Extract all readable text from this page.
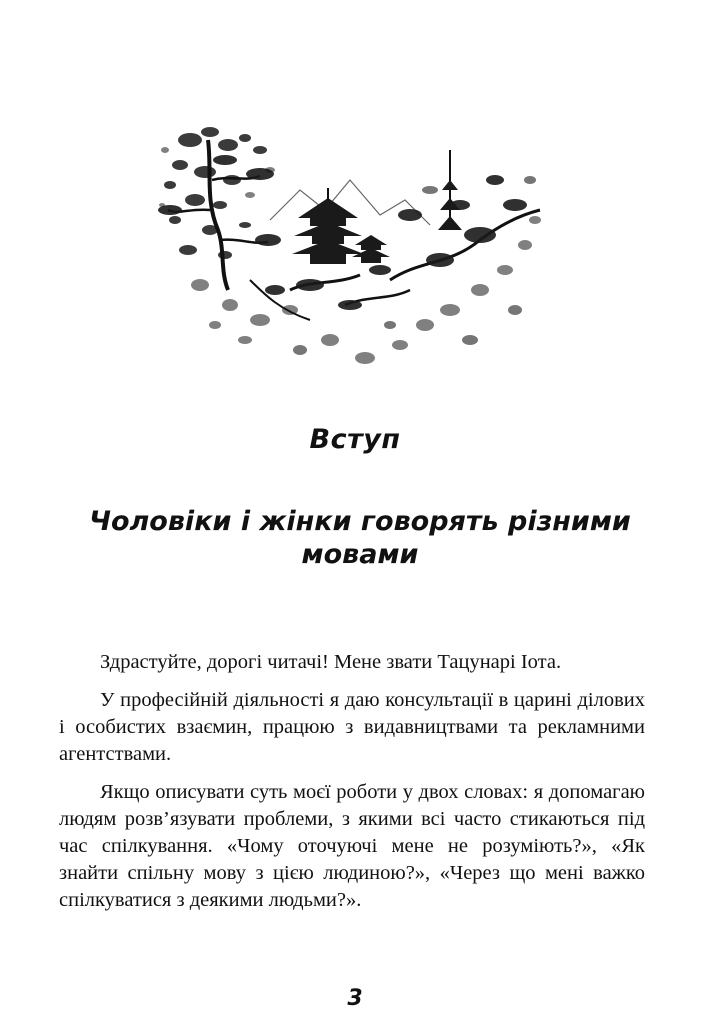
Вступ
Чоловіки і жінки говорять різними мовами

Здрастуйте, дорогі читачі! Мене звати Тацунарі Іота.

У професійній діяльності я даю консультації в царині ділових і особистих взаємин, працюю з видавництвами та рекламними агентствами.

Якщо описувати суть моєї роботи у двох словах: я допомагаю людям розв’язувати проблеми, з якими всі часто стикаються під час спілкування. «Чому оточуючі мене не розуміють?», «Як знайти спільну мову з цією людиною?», «Через що мені важко спілкуватися з деякими людьми?».

3
